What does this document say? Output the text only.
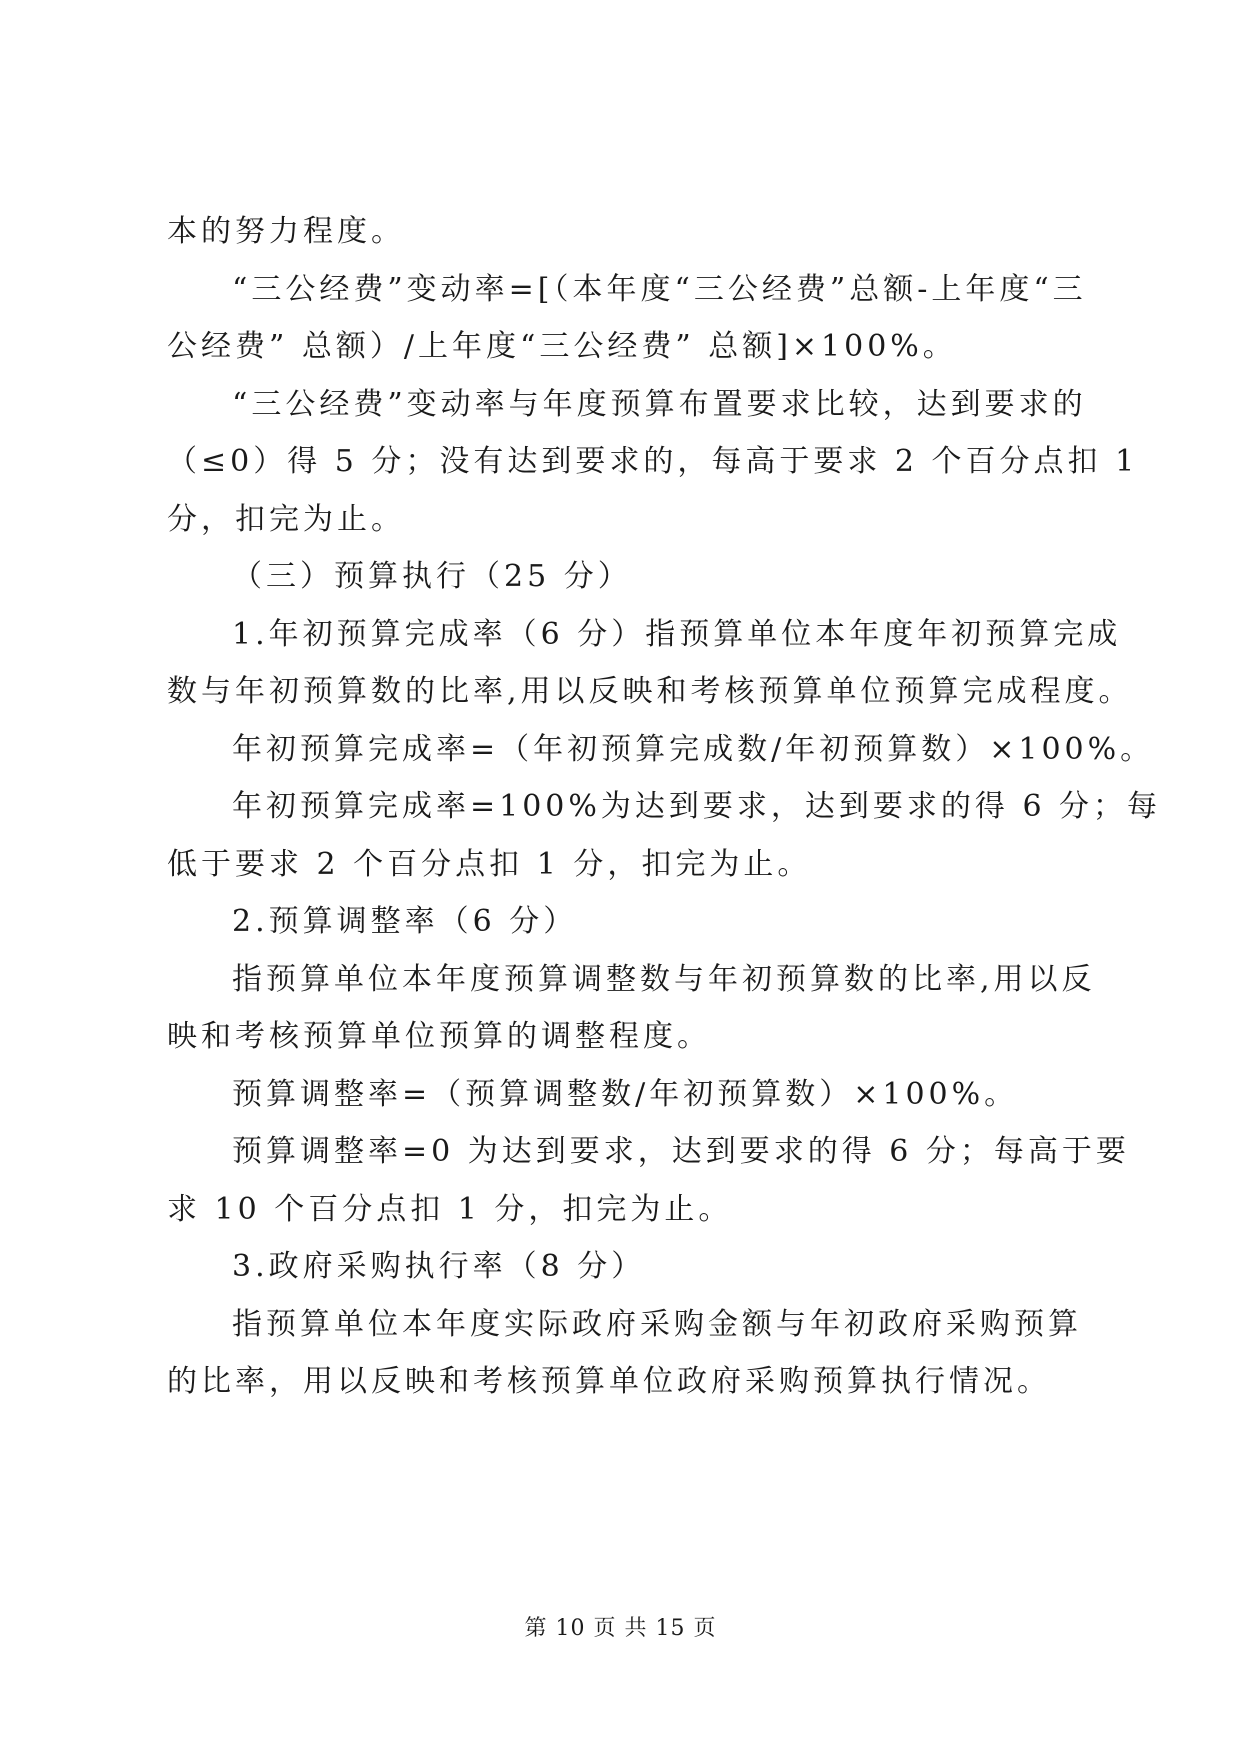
本的努力程度。
“三公经费”变动率=[（本年度“三公经费”总额-上年度“三
公经费” 总额）/上年度“三公经费” 总额]×100%。
“三公经费”变动率与年度预算布置要求比较，达到要求的
（≤0）得 5 分；没有达到要求的，每高于要求 2 个百分点扣 1
分，扣完为止。
（三）预算执行（25 分）
1.年初预算完成率（6 分）指预算单位本年度年初预算完成
数与年初预算数的比率,用以反映和考核预算单位预算完成程度。
年初预算完成率=（年初预算完成数/年初预算数）×100%。
年初预算完成率=100%为达到要求，达到要求的得 6 分；每
低于要求 2 个百分点扣 1 分，扣完为止。
2.预算调整率（6 分）
指预算单位本年度预算调整数与年初预算数的比率,用以反
映和考核预算单位预算的调整程度。
预算调整率=（预算调整数/年初预算数）×100%。
预算调整率=0 为达到要求，达到要求的得 6 分；每高于要
求 10 个百分点扣 1 分，扣完为止。
3.政府采购执行率（8 分）
指预算单位本年度实际政府采购金额与年初政府采购预算
的比率，用以反映和考核预算单位政府采购预算执行情况。
第 10 页 共 15 页
